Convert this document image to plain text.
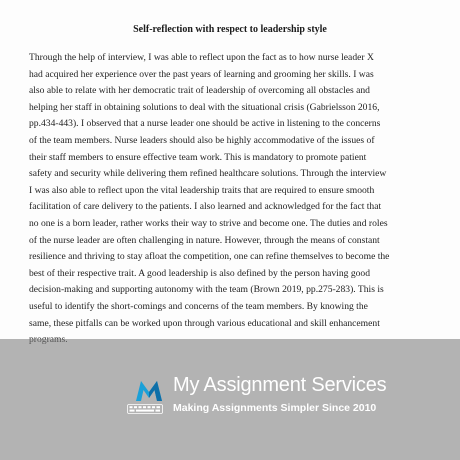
Self-reflection with respect to leadership style
Through the help of interview, I was able to reflect upon the fact as to how nurse leader X
had acquired her experience over the past years of learning and grooming her skills. I was
also able to relate with her democratic trait of leadership of overcoming all obstacles and
helping her staff in obtaining solutions to deal with the situational crisis (Gabrielsson 2016,
pp.434-443). I observed that a nurse leader one should be active in listening to the concerns
of the team members. Nurse leaders should also be highly accommodative of the issues of
their staff members to ensure effective team work. This is mandatory to promote patient
safety and security while delivering them refined healthcare solutions. Through the interview
I was also able to reflect upon the vital leadership traits that are required to ensure smooth
facilitation of care delivery to the patients. I also learned and acknowledged for the fact that
no one is a born leader, rather works their way to strive and become one. The duties and roles
of the nurse leader are often challenging in nature. However, through the means of constant
resilience and thriving to stay afloat the competition, one can refine themselves to become the
best of their respective trait. A good leadership is also defined by the person having good
decision-making and supporting autonomy with the team (Brown 2019, pp.275-283). This is
useful to identify the short-comings and concerns of the team members. By knowing the
same, these pitfalls can be worked upon through various educational and skill enhancement
My Assignment Services
Making Assignments Simpler Since 2010
